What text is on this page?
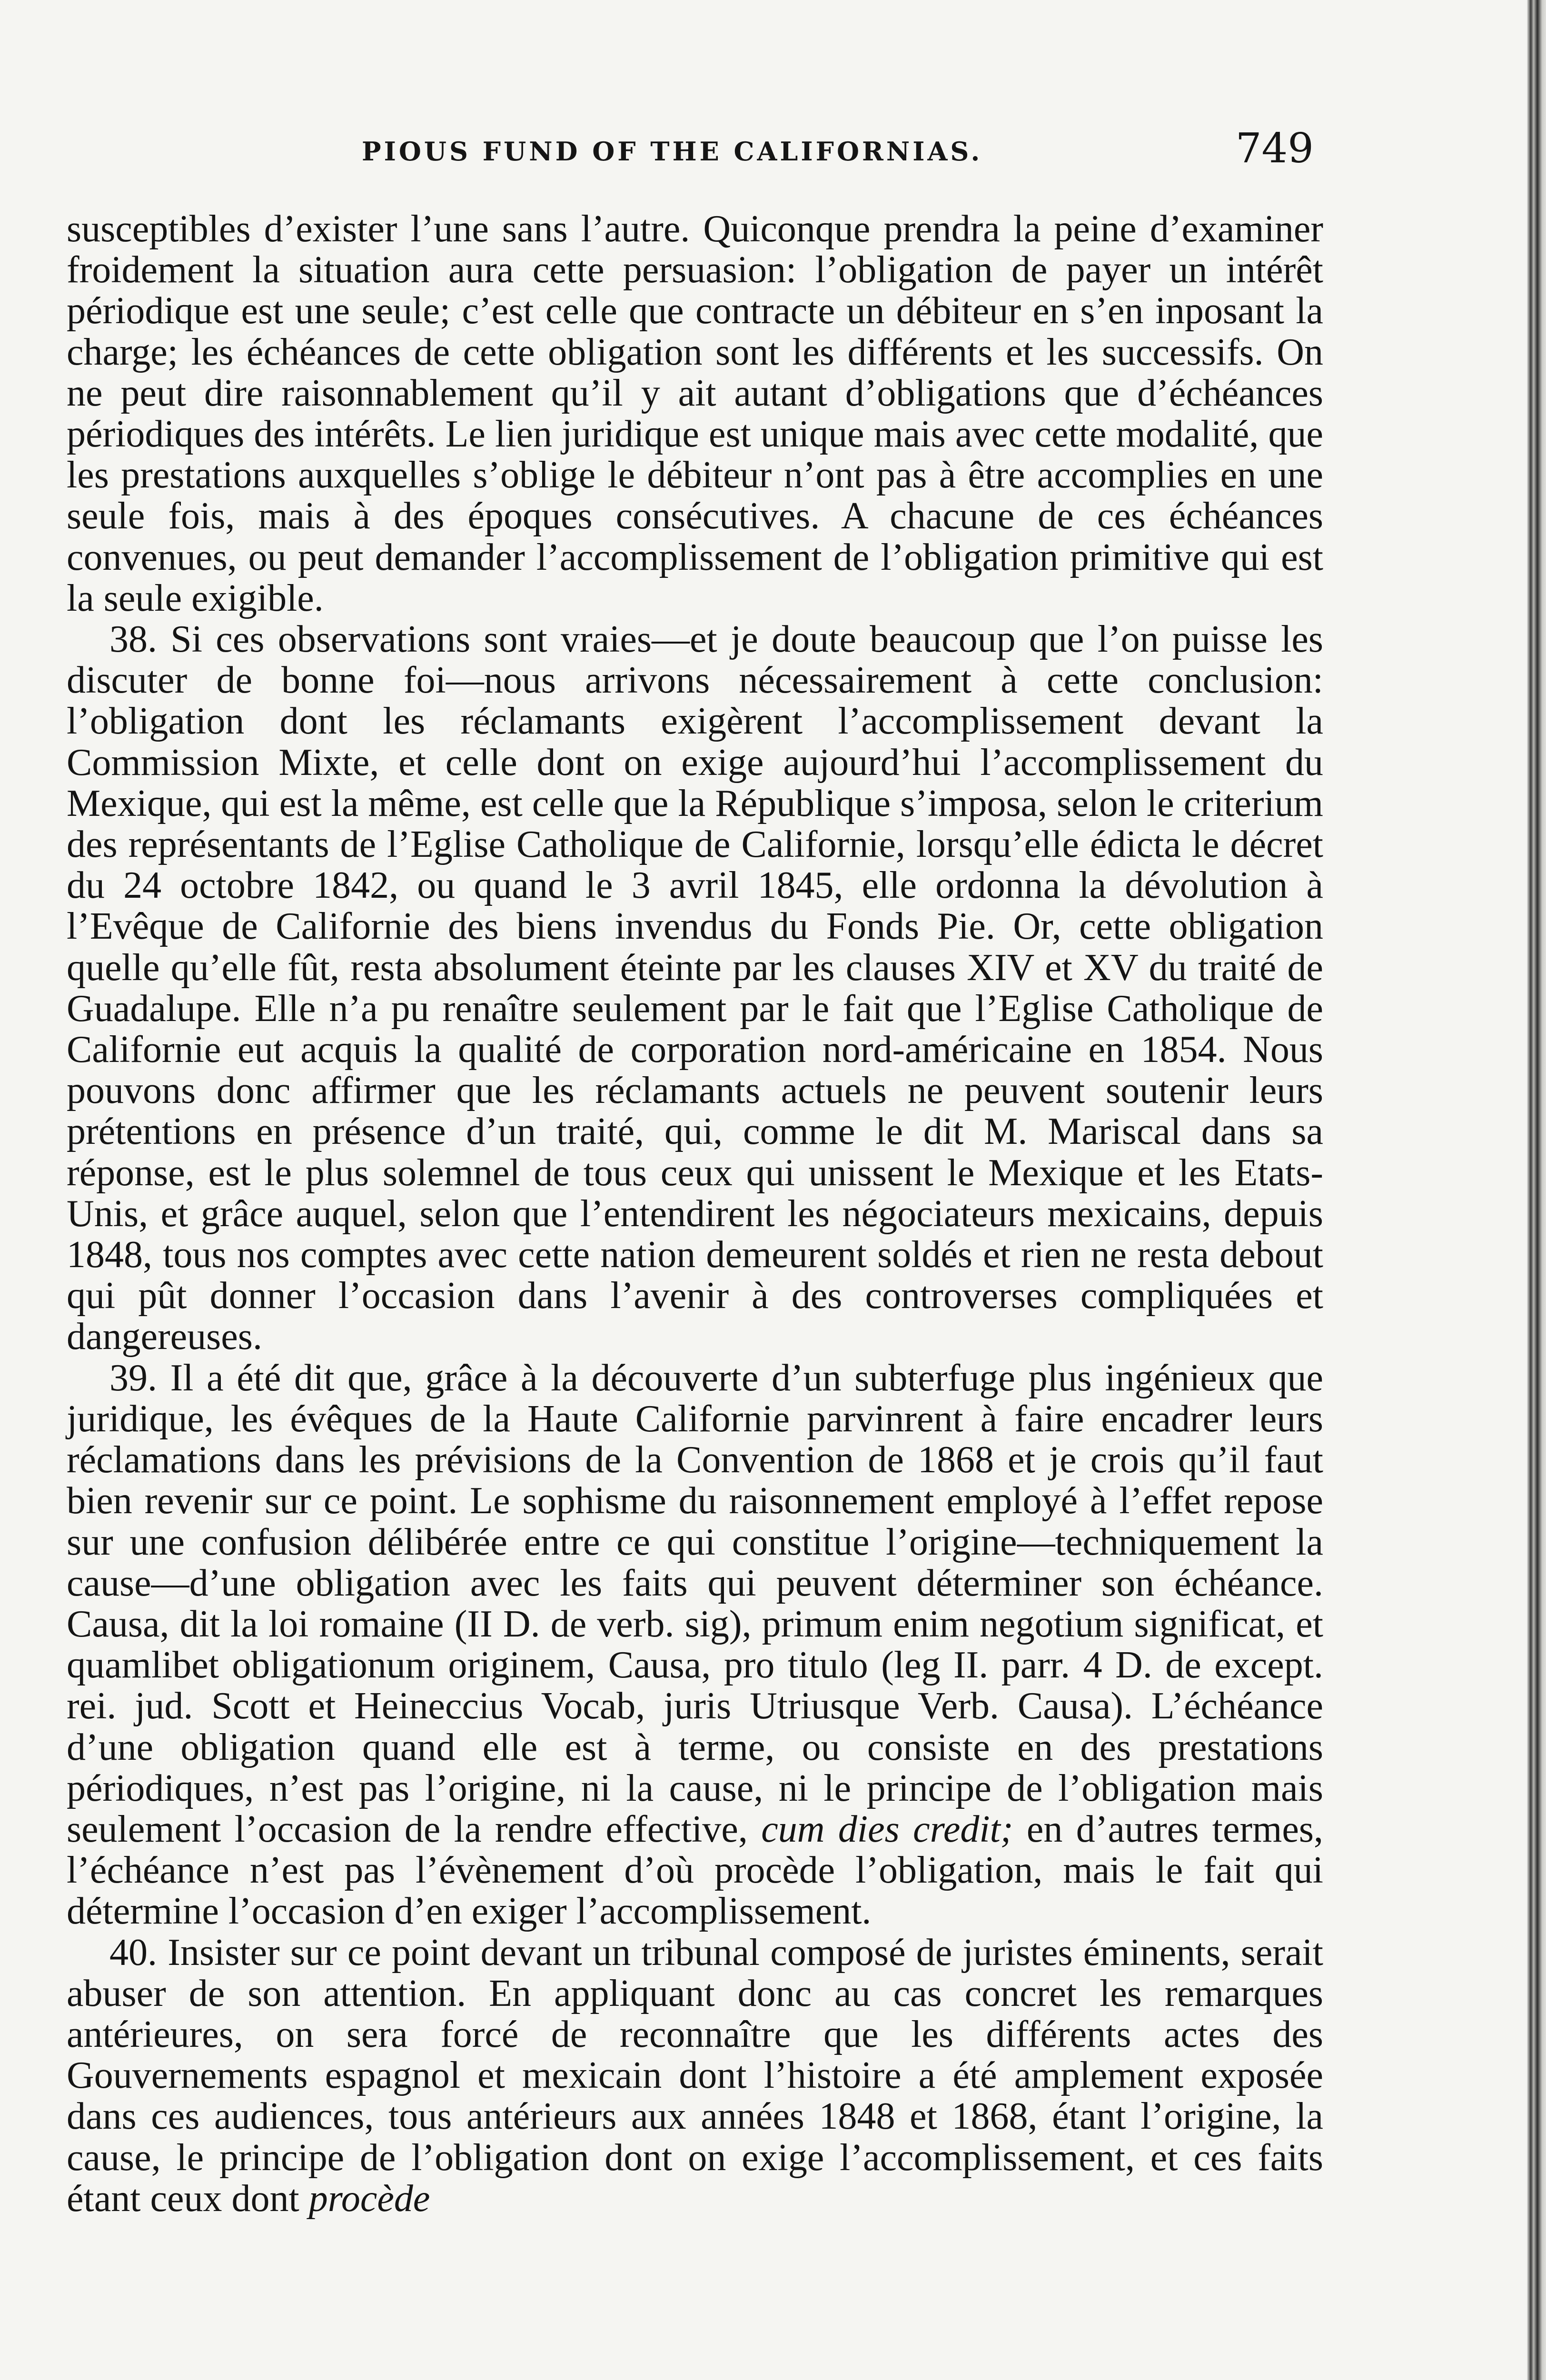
PIOUS FUND OF THE CALIFORNIAS.	749

susceptibles d’exister l’une sans l’autre. Quiconque prendra la peine d’examiner froidement la situation aura cette persuasion: l’obligation de payer un intérêt périodique est une seule; c’est celle que contracte un débiteur en s’en inposant la charge; les échéances de cette obligation sont les différents et les successifs. On ne peut dire raisonnablement qu’il y ait autant d’obligations que d’échéances périodiques des intérêts. Le lien juridique est unique mais avec cette modalité, que les prestations auxquelles s’oblige le débiteur n’ont pas à être accomplies en une seule fois, mais à des époques consécutives. A chacune de ces échéances convenues, ou peut demander l’accomplissement de l’obligation primitive qui est la seule exigible.

38. Si ces observations sont vraies—et je doute beaucoup que l’on puisse les discuter de bonne foi—nous arrivons nécessairement à cette conclusion: l’obligation dont les réclamants exigèrent l’accomplissement devant la Commission Mixte, et celle dont on exige aujourd’hui l’accomplissement du Mexique, qui est la même, est celle que la République s’imposa, selon le criterium des représentants de l’Eglise Catholique de Californie, lorsqu’elle édicta le décret du 24 octobre 1842, ou quand le 3 avril 1845, elle ordonna la dévolution à l’Evêque de Californie des biens invendus du Fonds Pie. Or, cette obligation quelle qu’elle fût, resta absolument éteinte par les clauses XIV et XV du traité de Guadalupe. Elle n’a pu renaître seulement par le fait que l’Eglise Catholique de Californie eut acquis la qualité de corporation nord-américaine en 1854. Nous pouvons donc affirmer que les réclamants actuels ne peuvent soutenir leurs prétentions en présence d’un traité, qui, comme le dit M. Mariscal dans sa réponse, est le plus solemnel de tous ceux qui unissent le Mexique et les Etats-Unis, et grâce auquel, selon que l’entendirent les négociateurs mexicains, depuis 1848, tous nos comptes avec cette nation demeurent soldés et rien ne resta debout qui pût donner l’occasion dans l’avenir à des controverses compliquées et dangereuses.

39. Il a été dit que, grâce à la découverte d’un subterfuge plus ingénieux que juridique, les évêques de la Haute Californie parvinrent à faire encadrer leurs réclamations dans les prévisions de la Convention de 1868 et je crois qu’il faut bien revenir sur ce point. Le sophisme du raisonnement employé à l’effet repose sur une confusion délibérée entre ce qui constitue l’origine—techniquement la cause—d’une obligation avec les faits qui peuvent déterminer son échéance. Causa, dit la loi romaine (II D. de verb. sig), primum enim negotium significat, et quamlibet obligationum originem, Causa, pro titulo (leg II. parr. 4 D. de except. rei. jud. Scott et Heineccius Vocab, juris Utriusque Verb. Causa). L’échéance d’une obligation quand elle est à terme, ou consiste en des prestations périodiques, n’est pas l’origine, ni la cause, ni le principe de l’obligation mais seulement l’occasion de la rendre effective, cum dies credit; en d’autres termes, l’échéance n’est pas l’évènement d’où procède l’obligation, mais le fait qui détermine l’occasion d’en exiger l’accomplissement.

40. Insister sur ce point devant un tribunal composé de juristes éminents, serait abuser de son attention. En appliquant donc au cas concret les remarques antérieures, on sera forcé de reconnaître que les différents actes des Gouvernements espagnol et mexicain dont l’histoire a été amplement exposée dans ces audiences, tous antérieurs aux années 1848 et 1868, étant l’origine, la cause, le principe de l’obligation dont on exige l’accomplissement, et ces faits étant ceux dont procède
